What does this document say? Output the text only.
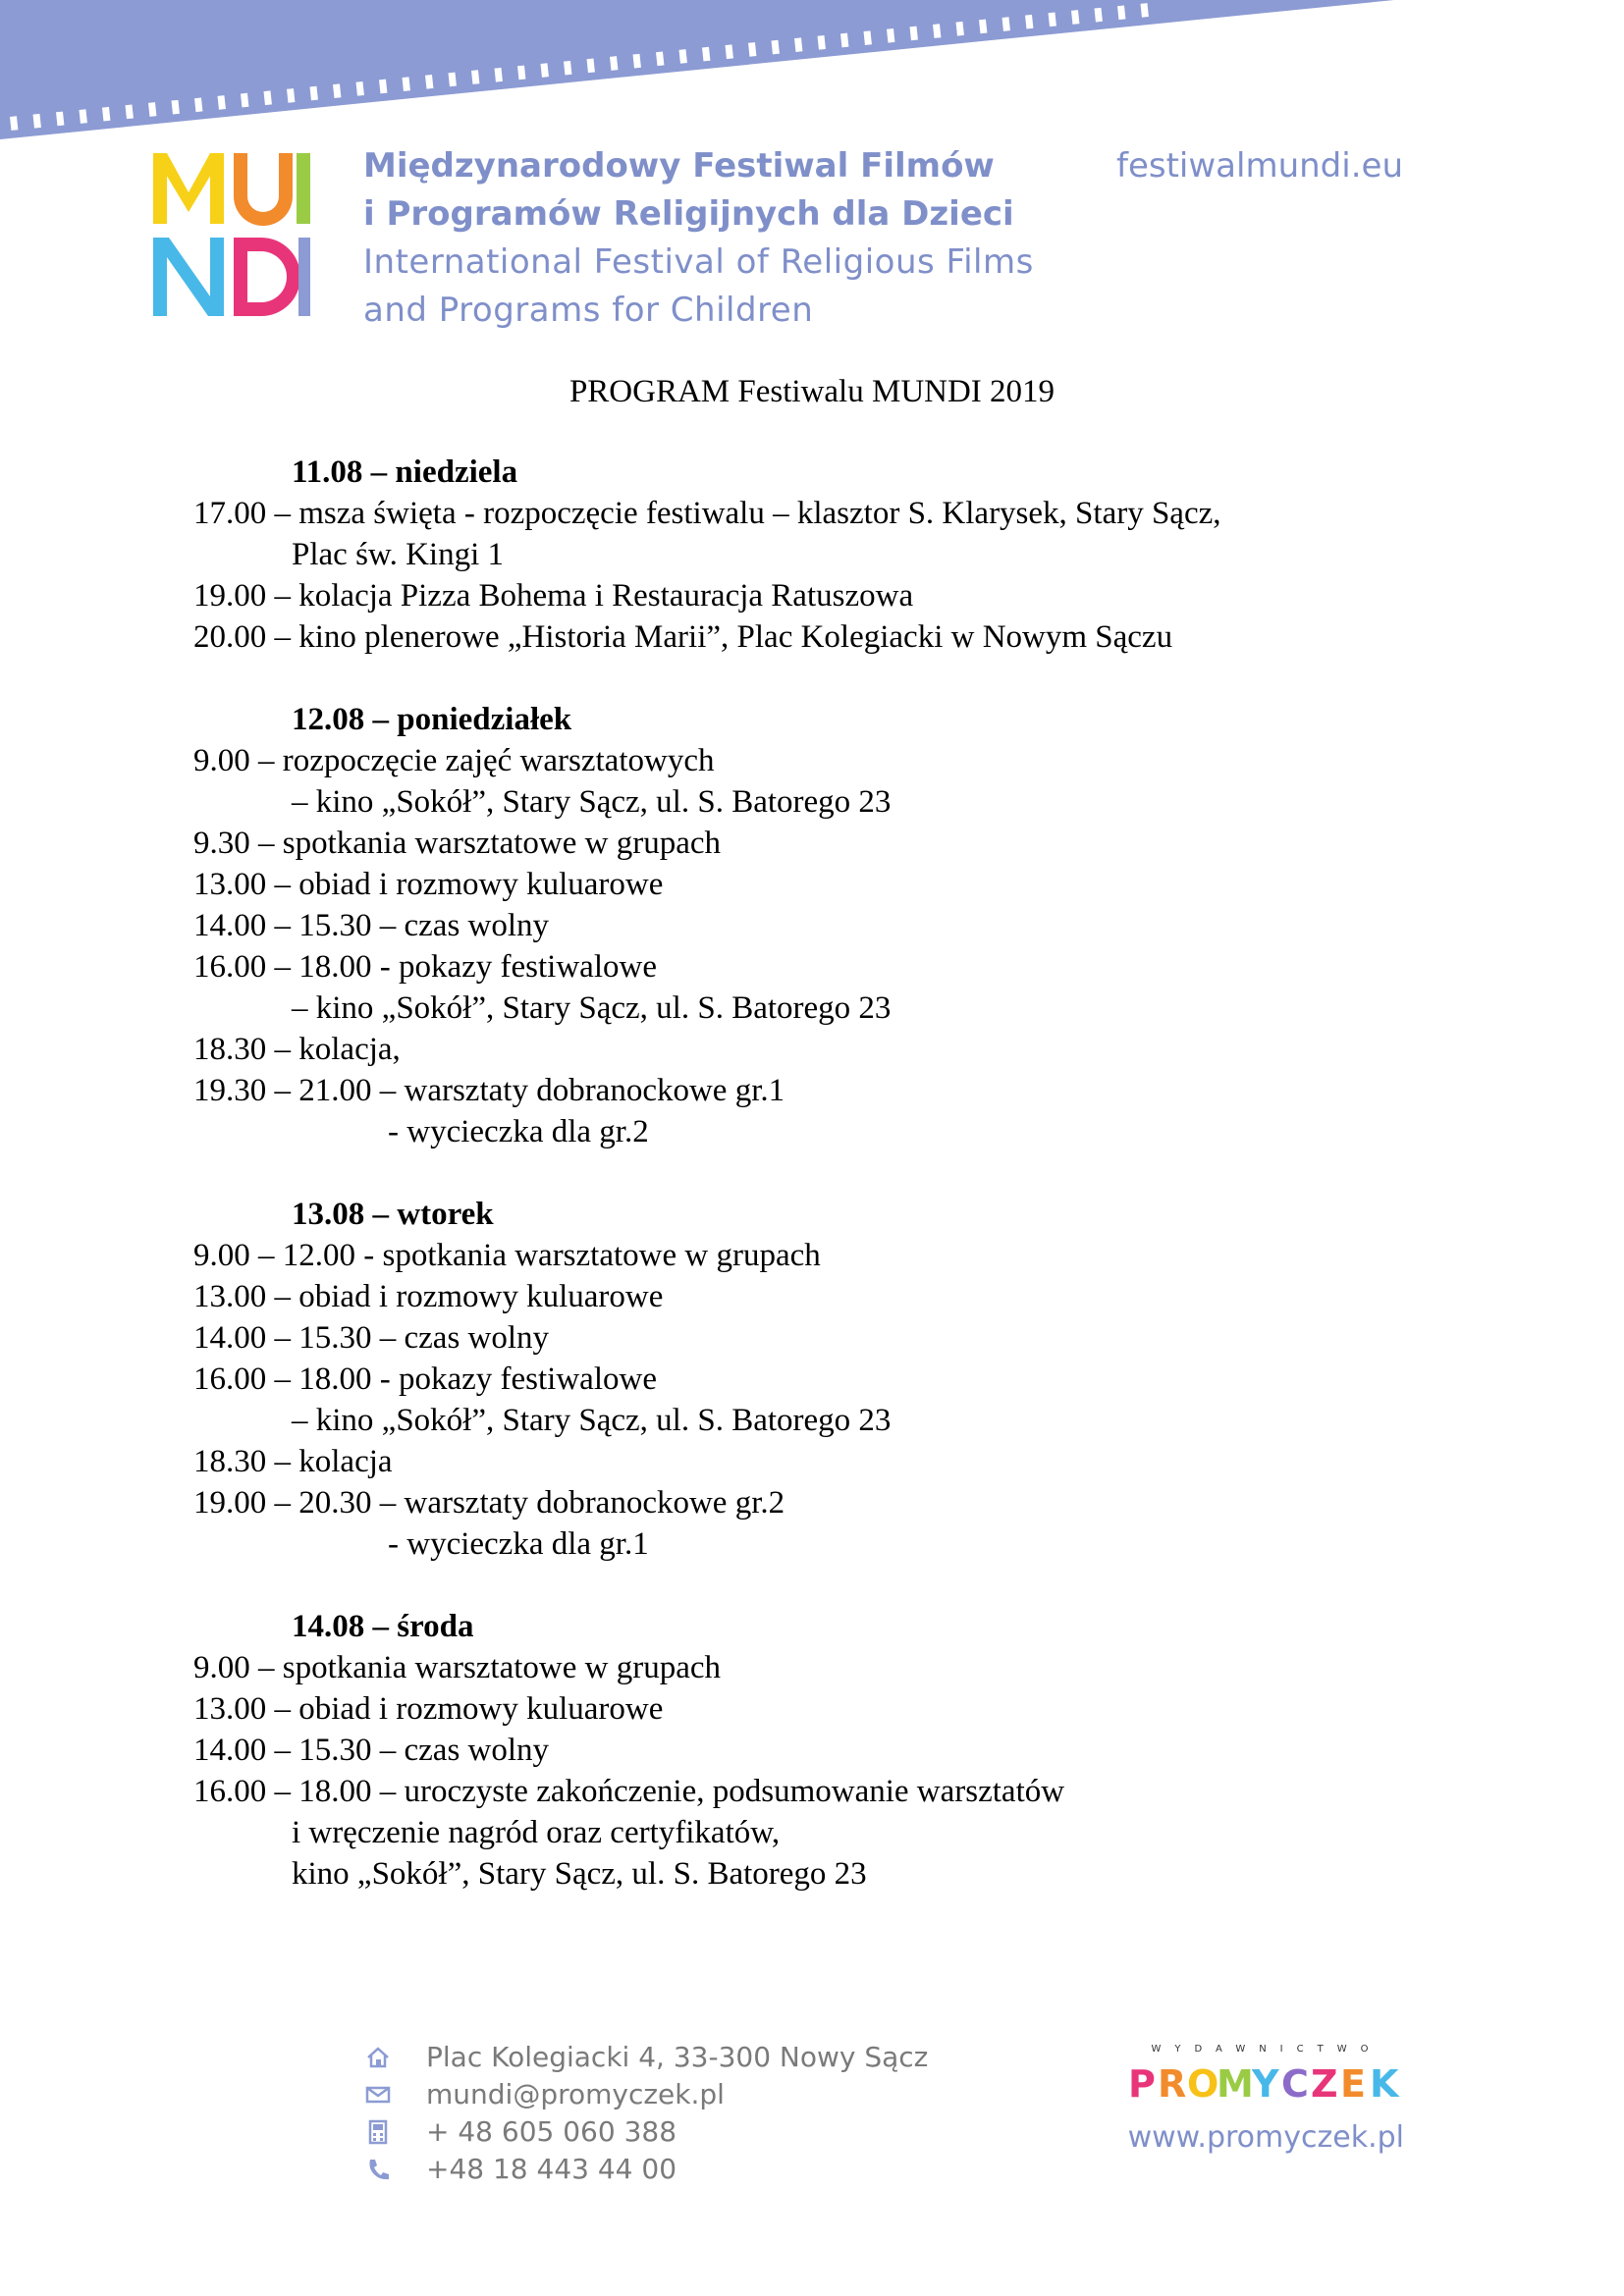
Międzynarodowy Festiwal Filmów
i Programów Religijnych dla Dzieci
International Festival of Religious Films
and Programs for Children
festiwalmundi.eu
PROGRAM Festiwalu MUNDI 2019
11.08 – niedziela
17.00 – msza święta - rozpoczęcie festiwalu – klasztor S. Klarysek, Stary Sącz,
Plac św. Kingi 1
19.00 – kolacja Pizza Bohema i Restauracja Ratuszowa
20.00 – kino plenerowe „Historia Marii”, Plac Kolegiacki w Nowym Sączu
12.08 – poniedziałek
9.00 – rozpoczęcie zajęć warsztatowych
– kino „Sokół”, Stary Sącz, ul. S. Batorego 23
9.30 – spotkania warsztatowe w grupach
13.00 – obiad i rozmowy kuluarowe
14.00 – 15.30 – czas wolny
16.00 – 18.00 - pokazy festiwalowe
– kino „Sokół”, Stary Sącz, ul. S. Batorego 23
18.30 – kolacja,
19.30 – 21.00 – warsztaty dobranockowe gr.1
- wycieczka dla gr.2
13.08 – wtorek
9.00 – 12.00 - spotkania warsztatowe w grupach
13.00 – obiad i rozmowy kuluarowe
14.00 – 15.30 – czas wolny
16.00 – 18.00 - pokazy festiwalowe
– kino „Sokół”, Stary Sącz, ul. S. Batorego 23
18.30 – kolacja
19.00 – 20.30 – warsztaty dobranockowe gr.2
- wycieczka dla gr.1
14.08 – środa
9.00 – spotkania warsztatowe w grupach
13.00 – obiad i rozmowy kuluarowe
14.00 – 15.30 – czas wolny
16.00 – 18.00 – uroczyste zakończenie, podsumowanie warsztatów
i wręczenie nagród oraz certyfikatów,
kino „Sokół”, Stary Sącz, ul. S. Batorego 23
Plac Kolegiacki 4, 33-300 Nowy Sącz
mundi@promyczek.pl
+ 48 605 060 388
+48 18 443 44 00
WYDAWNICTWO
P R O
M
Y C Z E K
www.promyczek.pl
